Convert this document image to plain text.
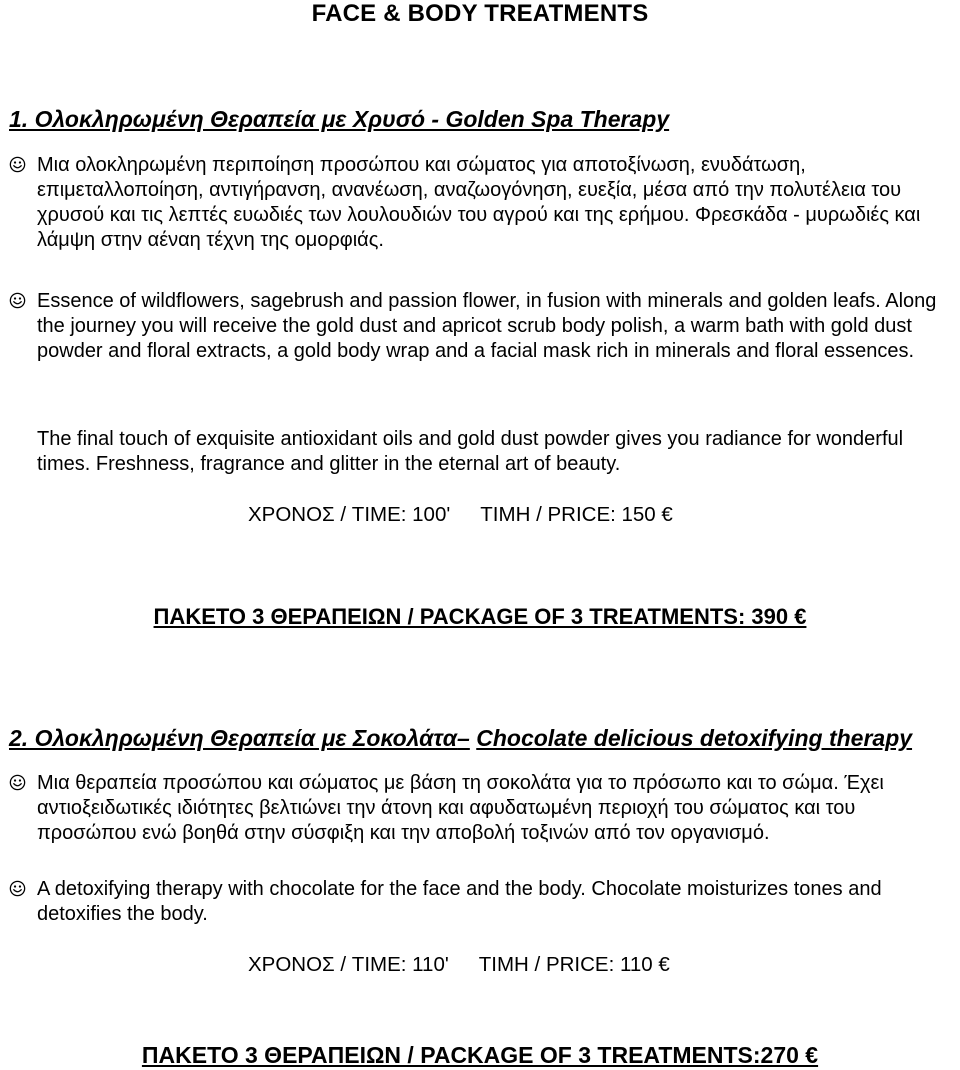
FACE & BODY TREATMENTS
1. Ολοκληρωμένη Θεραπεία με Χρυσό - Golden Spa Therapy
Μια ολοκληρωμένη περιποίηση προσώπου και σώματος για αποτοξίνωση, ενυδάτωση, επιμεταλλοποίηση, αντιγήρανση, ανανέωση, αναζωογόνηση, ευεξία, μέσα από την πολυτέλεια του χρυσού και τις λεπτές ευωδιές των λουλουδιών του αγρού και της ερήμου. Φρεσκάδα - μυρωδιές και λάμψη στην αέναη τέχνη της ομορφιάς.
Essence of wildflowers, sagebrush and passion flower, in fusion with minerals and golden leafs. Along the journey you will receive the gold dust and apricot scrub body polish, a warm bath with gold dust powder and floral extracts, a gold body wrap and a facial mask rich in minerals and floral essences.
The final touch of exquisite antioxidant oils and gold dust powder gives you radiance for wonderful times. Freshness, fragrance and glitter in the eternal art of beauty.
ΧΡΟΝΟΣ / TIME: 100' ΤΙΜΗ / PRICE: 150 €
ΠΑΚΕΤΟ 3 ΘΕΡΑΠΕΙΩΝ / PACKAGE OF 3 TREATMENTS: 390 €
2. Ολοκληρωμένη Θεραπεία με Σοκολάτα– Chocolate delicious detoxifying therapy
Μια θεραπεία προσώπου και σώματος με βάση τη σοκολάτα για το πρόσωπο και το σώμα. Έχει αντιοξειδωτικές ιδιότητες βελτιώνει την άτονη και αφυδατωμένη περιοχή του σώματος και του προσώπου ενώ βοηθά στην σύσφιξη και την αποβολή τοξινών από τον οργανισμό.
A detoxifying therapy with chocolate for the face and the body. Chocolate moisturizes tones and detoxifies the body.
ΧΡΟΝΟΣ / TIME: 110' ΤΙΜΗ / PRICE: 110 €
ΠΑΚΕΤΟ 3 ΘΕΡΑΠΕΙΩΝ / PACKAGE OF 3 TREATMENTS:270 €
